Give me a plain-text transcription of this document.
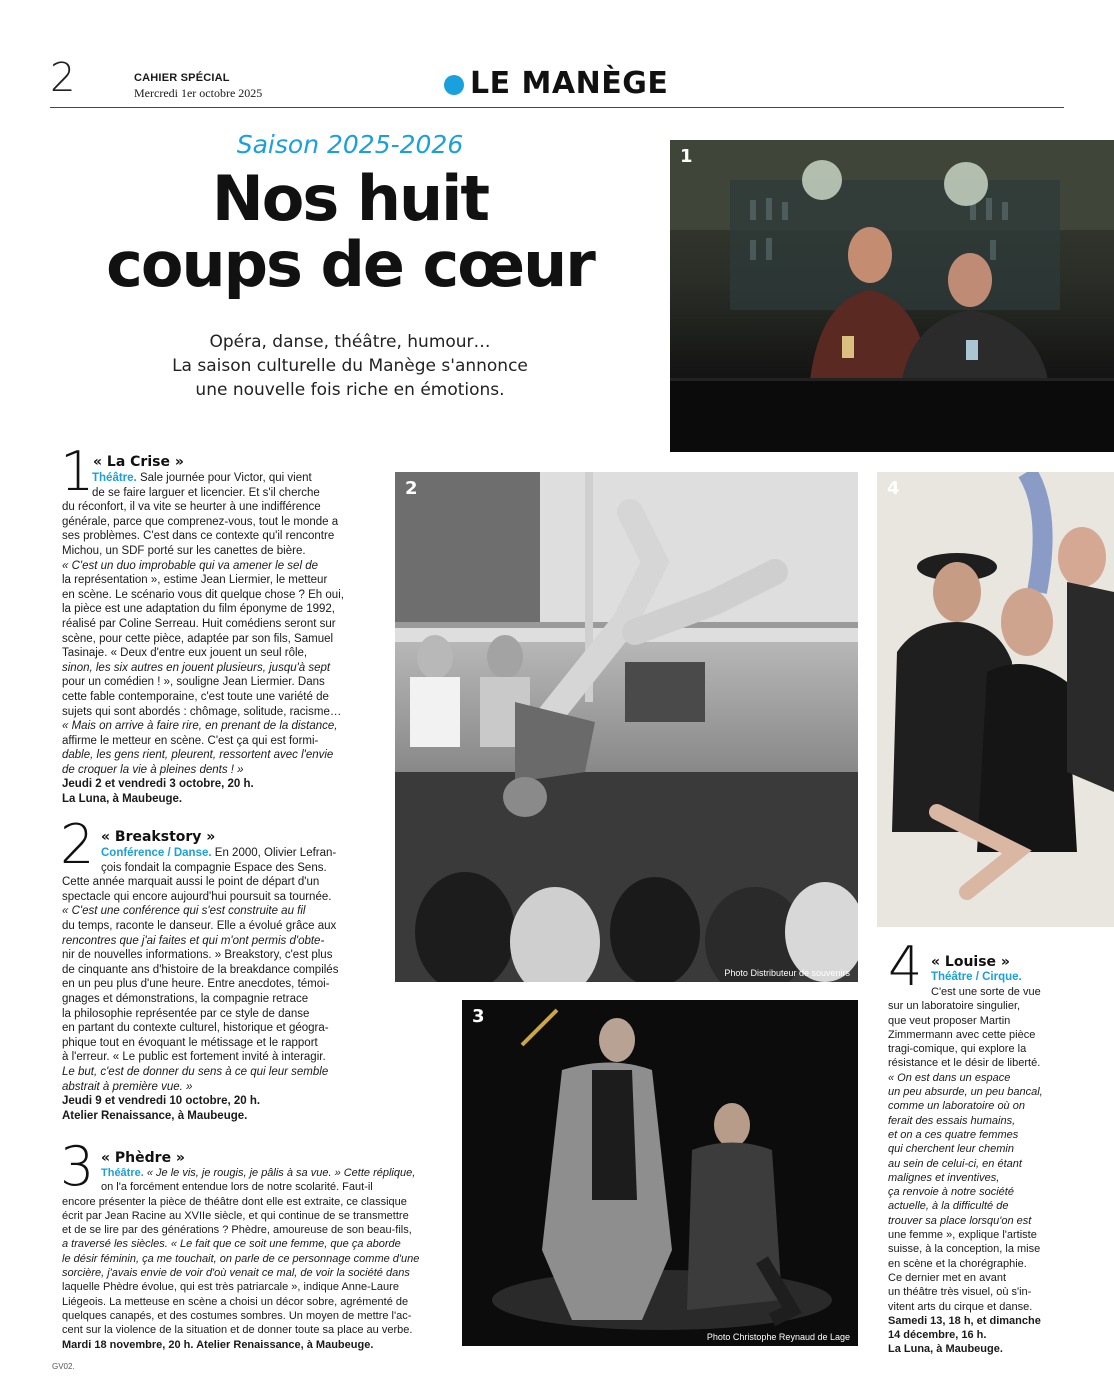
2	CAHIER SPÉCIAL
Mercredi 1er octobre 2025	LE MANÈGE
Saison 2025-2026
Nos huit
coups de cœur
Opéra, danse, théâtre, humour…
La saison culturelle du Manège s'annonce
une nouvelle fois riche en émotions.
1
2
Photo Distributeur de souvenirs
4
3
Photo Christophe Reynaud de Lage
1
« La Crise »

Théâtre. Sale journée pour Victor, qui vient

de se faire larguer et licencier. Et s'il cherche

du réconfort, il va vite se heurter à une indifférence

générale, parce que comprenez-vous, tout le monde a

ses problèmes. C'est dans ce contexte qu'il rencontre

Michou, un SDF porté sur les canettes de bière.

« C'est un duo improbable qui va amener le sel de

la représentation », estime Jean Liermier, le metteur

en scène. Le scénario vous dit quelque chose ? Eh oui,

la pièce est une adaptation du film éponyme de 1992,

réalisé par Coline Serreau. Huit comédiens seront sur

scène, pour cette pièce, adaptée par son fils, Samuel

Tasinaje. « Deux d'entre eux jouent un seul rôle,

sinon, les six autres en jouent plusieurs, jusqu'à sept

pour un comédien ! », souligne Jean Liermier. Dans

cette fable contemporaine, c'est toute une variété de

sujets qui sont abordés : chômage, solitude, racisme…

« Mais on arrive à faire rire, en prenant de la distance,

affirme le metteur en scène. C'est ça qui est formi-

dable, les gens rient, pleurent, ressortent avec l'envie

de croquer la vie à pleines dents ! »

Jeudi 2 et vendredi 3 octobre, 20 h.

La Luna, à Maubeuge.

2 « Breakstory »

Conférence / Danse. En 2000, Olivier Lefran-

çois fondait la compagnie Espace des Sens.

Cette année marquait aussi le point de départ d'un

spectacle qui encore aujourd'hui poursuit sa tournée.

« C'est une conférence qui s'est construite au fil

du temps, raconte le danseur. Elle a évolué grâce aux

rencontres que j'ai faites et qui m'ont permis d'obte-

nir de nouvelles informations. » Breakstory, c'est plus

de cinquante ans d'histoire de la breakdance compilés

en un peu plus d'une heure. Entre anecdotes, témoi-

gnages et démonstrations, la compagnie retrace

la philosophie représentée par ce style de danse

en partant du contexte culturel, historique et géogra-

phique tout en évoquant le métissage et le rapport

à l'erreur. « Le public est fortement invité à interagir.

Le but, c'est de donner du sens à ce qui leur semble

abstrait à première vue. »

Jeudi 9 et vendredi 10 octobre, 20 h.

Atelier Renaissance, à Maubeuge.

3 « Phèdre »

Théâtre. « Je le vis, je rougis, je pâlis à sa vue. » Cette réplique,

on l'a forcément entendue lors de notre scolarité. Faut-il

encore présenter la pièce de théâtre dont elle est extraite, ce classique

écrit par Jean Racine au XVIIe siècle, et qui continue de se transmettre

et de se lire par des générations ? Phèdre, amoureuse de son beau-fils,

a traversé les siècles. « Le fait que ce soit une femme, que ça aborde

le désir féminin, ça me touchait, on parle de ce personnage comme d'une

sorcière, j'avais envie de voir d'où venait ce mal, de voir la société dans

laquelle Phèdre évolue, qui est très patriarcale », indique Anne-Laure

Liégeois. La metteuse en scène a choisi un décor sobre, agrémenté de

quelques canapés, et des costumes sombres. Un moyen de mettre l'ac-

cent sur la violence de la situation et de donner toute sa place au verbe.

Mardi 18 novembre, 20 h. Atelier Renaissance, à Maubeuge.

4 « Louise »
Théâtre / Cirque.

C'est une sorte de vue

sur un laboratoire singulier,

que veut proposer Martin

Zimmermann avec cette pièce

tragi-comique, qui explore la

résistance et le désir de liberté.

« On est dans un espace

un peu absurde, un peu bancal,

comme un laboratoire où on

ferait des essais humains,

et on a ces quatre femmes

qui cherchent leur chemin

au sein de celui-ci, en étant

malignes et inventives,

ça renvoie à notre société

actuelle, à la difficulté de

trouver sa place lorsqu'on est

une femme », explique l'artiste

suisse, à la conception, la mise

en scène et la chorégraphie.

Ce dernier met en avant

un théâtre très visuel, où s'in-

vitent arts du cirque et danse.

Samedi 13, 18 h, et dimanche

14 décembre, 16 h.

La Luna, à Maubeuge.

GV02.
